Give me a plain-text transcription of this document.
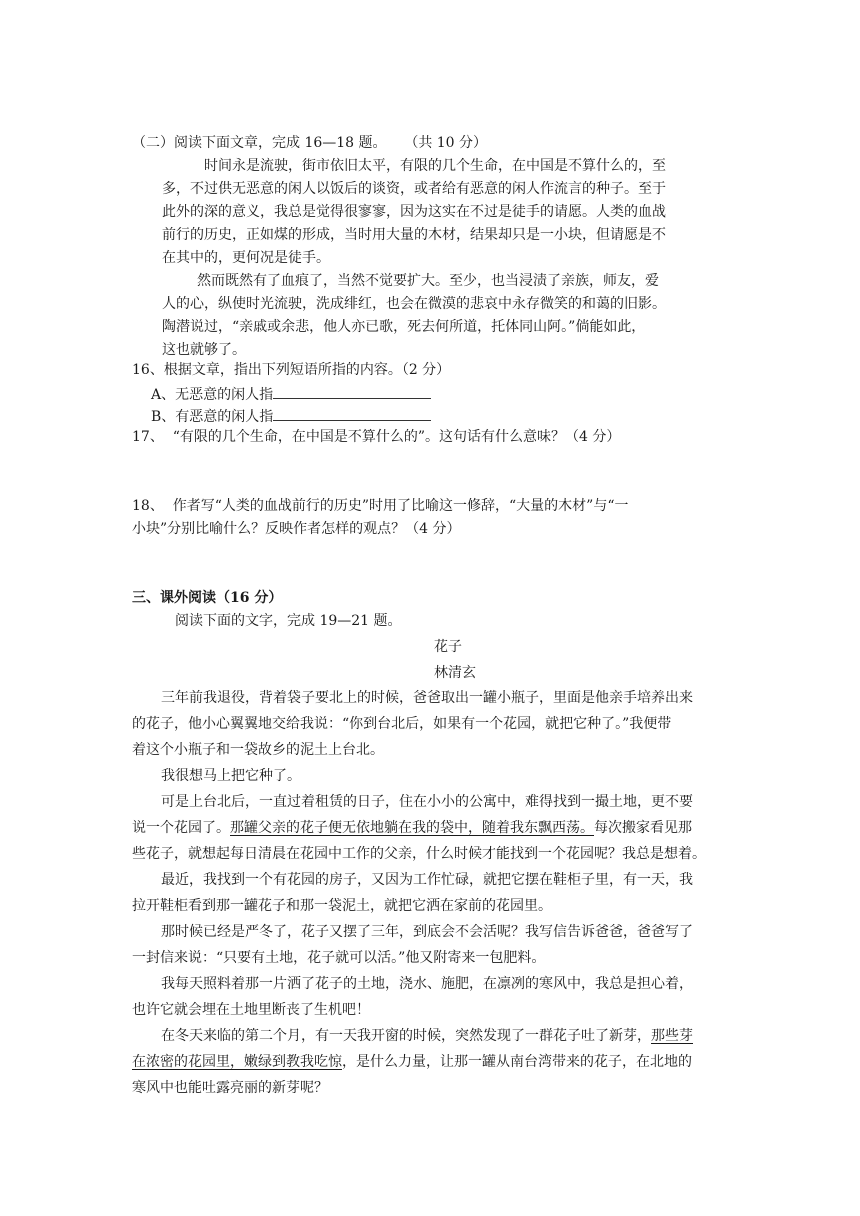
（二）阅读下面文章，完成 16—18 题。    （共 10 分）
时间永是流驶，街市依旧太平，有限的几个生命，在中国是不算什么的，至
多，不过供无恶意的闲人以饭后的谈资，或者给有恶意的闲人作流言的种子。至于
此外的深的意义，我总是觉得很寥寥，因为这实在不过是徒手的请愿。人类的血战
前行的历史，正如煤的形成，当时用大量的木材，结果却只是一小块，但请愿是不
在其中的，更何况是徒手。
然而既然有了血痕了，当然不觉要扩大。至少，也当浸渍了亲族，师友，爱
人的心，纵使时光流驶，洗成绯红，也会在微漠的悲哀中永存微笑的和蔼的旧影。
陶潜说过，“亲戚或余悲，他人亦已歌，死去何所道，托体同山阿。”倘能如此，
这也就够了。
16、根据文章，指出下列短语所指的内容。（2 分）
A、无恶意的闲人指
B、有恶意的闲人指
17、  “有限的几个生命，在中国是不算什么的”。这句话有什么意味？（4 分）
18、  作者写“人类的血战前行的历史”时用了比喻这一修辞，“大量的木材”与“一
小块”分别比喻什么？反映作者怎样的观点？（4 分）
三、课外阅读（16 分）
阅读下面的文字，完成 19—21 题。
花子
林清玄
三年前我退役，背着袋子要北上的时候，爸爸取出一罐小瓶子，里面是他亲手培养出来
的花子，他小心翼翼地交给我说：“你到台北后，如果有一个花园，就把它种了。”我便带
着这个小瓶子和一袋故乡的泥土上台北。
我很想马上把它种了。
可是上台北后，一直过着租赁的日子，住在小小的公寓中，难得找到一撮土地，更不要
说一个花园了。那罐父亲的花子便无依地躺在我的袋中，随着我东飘西荡。每次搬家看见那
些花子，就想起每日清晨在花园中工作的父亲，什么时候才能找到一个花园呢？我总是想着。
最近，我找到一个有花园的房子，又因为工作忙碌，就把它摆在鞋柜子里，有一天，我
拉开鞋柜看到那一罐花子和那一袋泥土，就把它洒在家前的花园里。
那时候已经是严冬了，花子又摆了三年，到底会不会活呢？我写信告诉爸爸，爸爸写了
一封信来说：“只要有土地，花子就可以活。”他又附寄来一包肥料。
我每天照料着那一片洒了花子的土地，浇水、施肥，在凛冽的寒风中，我总是担心着，
也许它就会埋在土地里断丧了生机吧！
在冬天来临的第二个月，有一天我开窗的时候，突然发现了一群花子吐了新芽，那些芽
在浓密的花园里，嫩绿到教我吃惊，是什么力量，让那一罐从南台湾带来的花子，在北地的
寒风中也能吐露亮丽的新芽呢？
